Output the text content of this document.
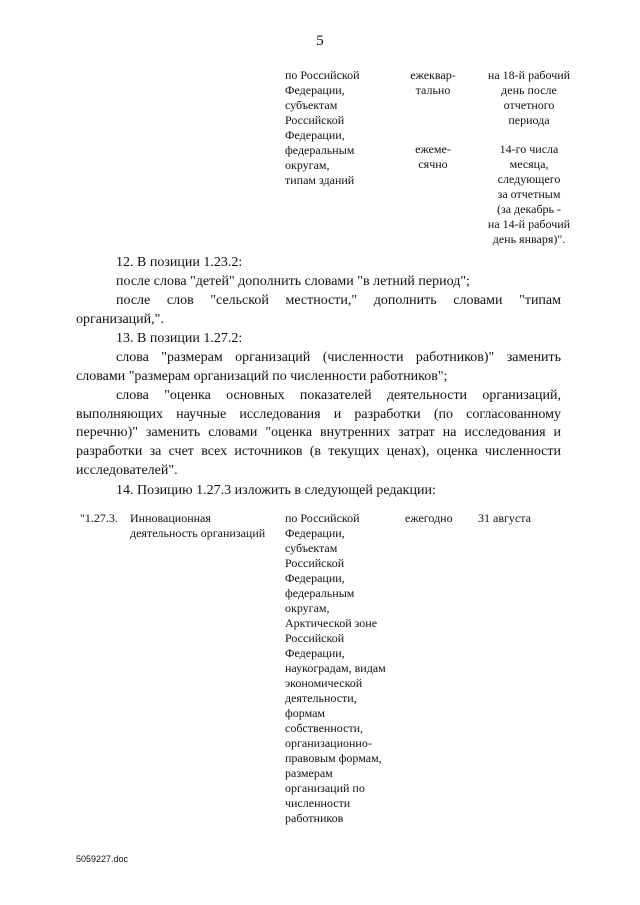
5
по Российской
Федерации,
субъектам
Российской
Федерации,
федеральным
округам,
типам зданий
ежеквар-
тально
на 18-й рабочий
день после
отчетного
периода
ежеме-
сячно
14-го числа
месяца,
следующего
за отчетным
(за декабрь -
на 14-й рабочий
день января)".
12. В позиции 1.23.2:
после слова "детей" дополнить словами "в летний период";
после слов "сельской местности," дополнить словами "типам организаций,".
13. В позиции 1.27.2:
слова "размерам организаций (численности работников)" заменить словами "размерам организаций по численности работников";
слова "оценка основных показателей деятельности организаций, выполняющих научные исследования и разработки (по согласованному перечню)" заменить словами "оценка внутренних затрат на исследования и разработки за счет всех источников (в текущих ценах), оценка численности исследователей".
14. Позицию 1.27.3 изложить в следующей редакции:
"1.27.3.	Инновационная деятельность организаций
по Российской
Федерации,
субъектам
Российской
Федерации,
федеральным
округам,
Арктической зоне
Российской
Федерации,
наукоградам, видам
экономической
деятельности,
формам
собственности,
организационно-
правовым формам,
размерам
организаций по
численности
работников
ежегодно	31 августа
5059227.doc
